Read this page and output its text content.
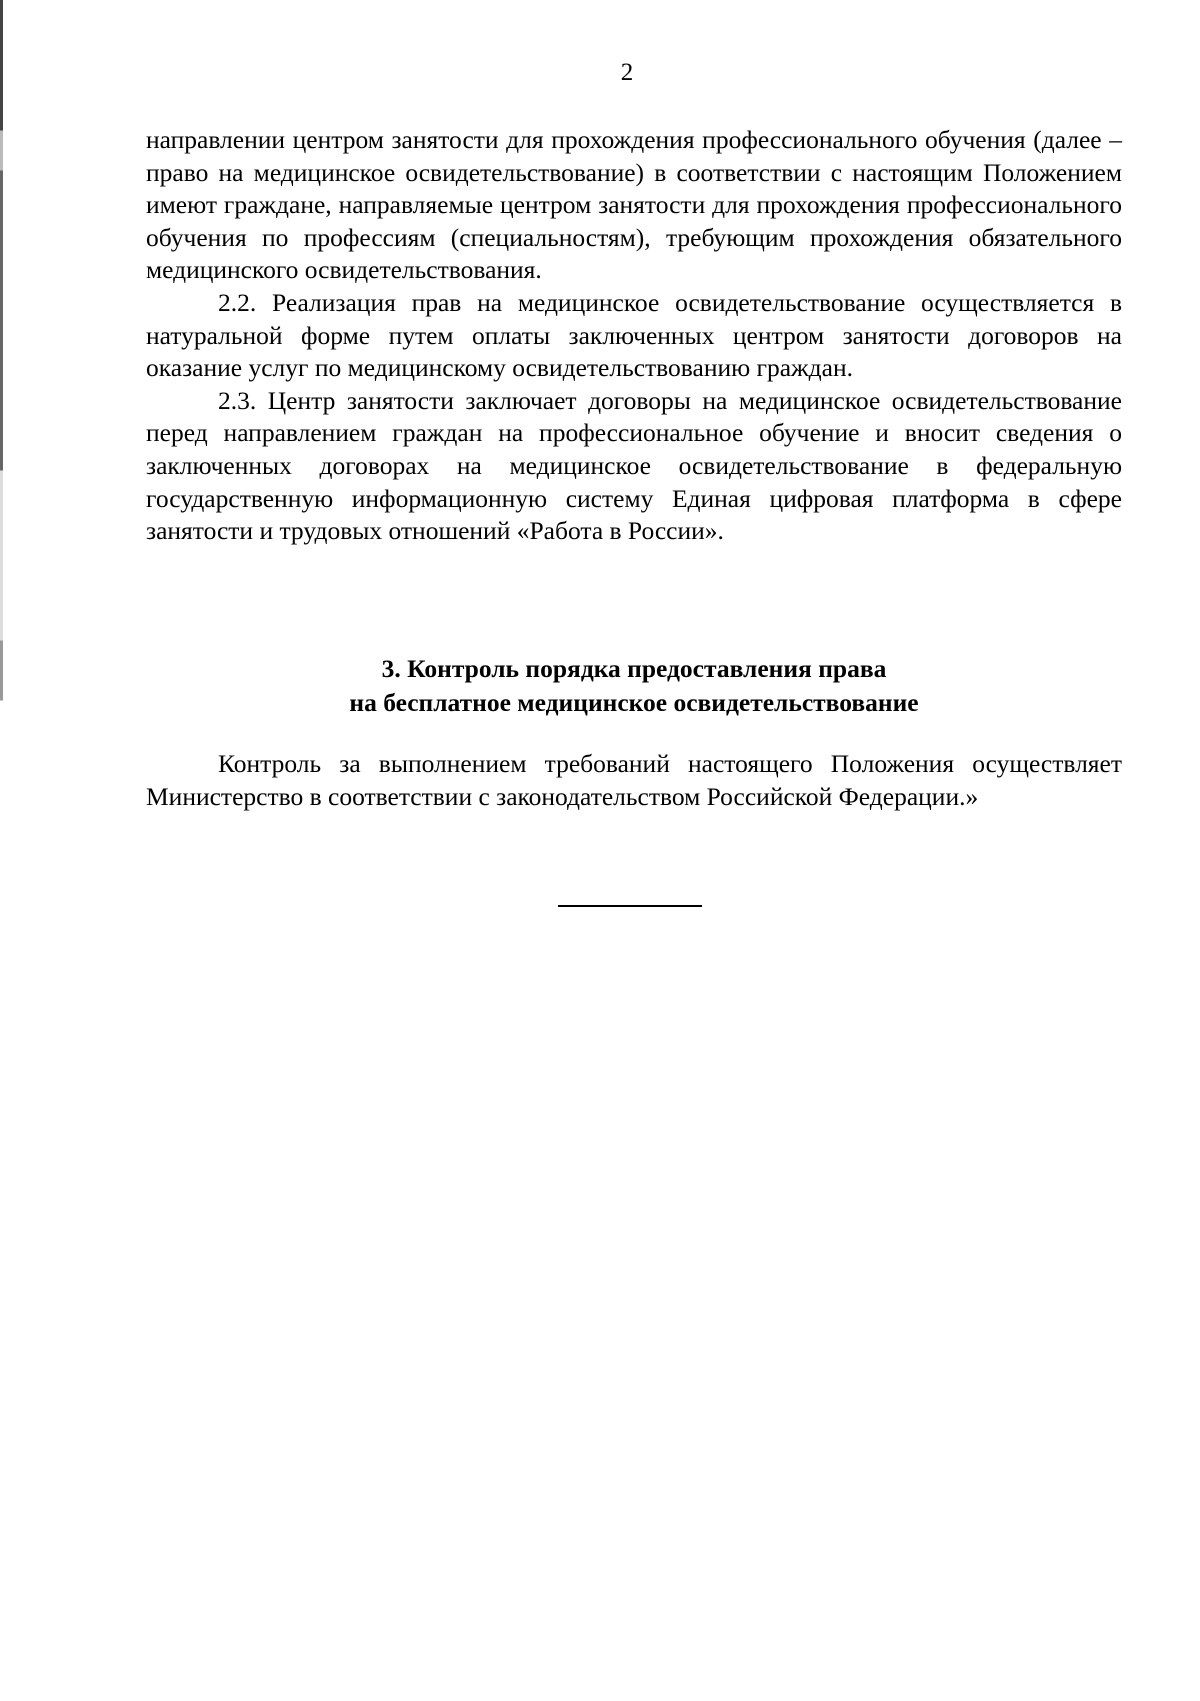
2

направлении центром занятости для прохождения профессионального обучения (далее – право на медицинское освидетельствование) в соответствии с настоящим Положением имеют граждане, направляемые центром занятости для прохождения профессионального обучения по профессиям (специальностям), требующим прохождения обязательного медицинского освидетельствования.

2.2. Реализация прав на медицинское освидетельствование осуществляется в натуральной форме путем оплаты заключенных центром занятости договоров на оказание услуг по медицинскому освидетельствованию граждан.

2.3. Центр занятости заключает договоры на медицинское освидетельствование перед направлением граждан на профессиональное обучение и вносит сведения о заключенных договорах на медицинское освидетельствование в федеральную государственную информационную систему Единая цифровая платформа в сфере занятости и трудовых отношений «Работа в России».

3. Контроль порядка предоставления права
на бесплатное медицинское освидетельствование

Контроль за выполнением требований настоящего Положения осуществляет Министерство в соответствии с законодательством Российской Федерации.»
